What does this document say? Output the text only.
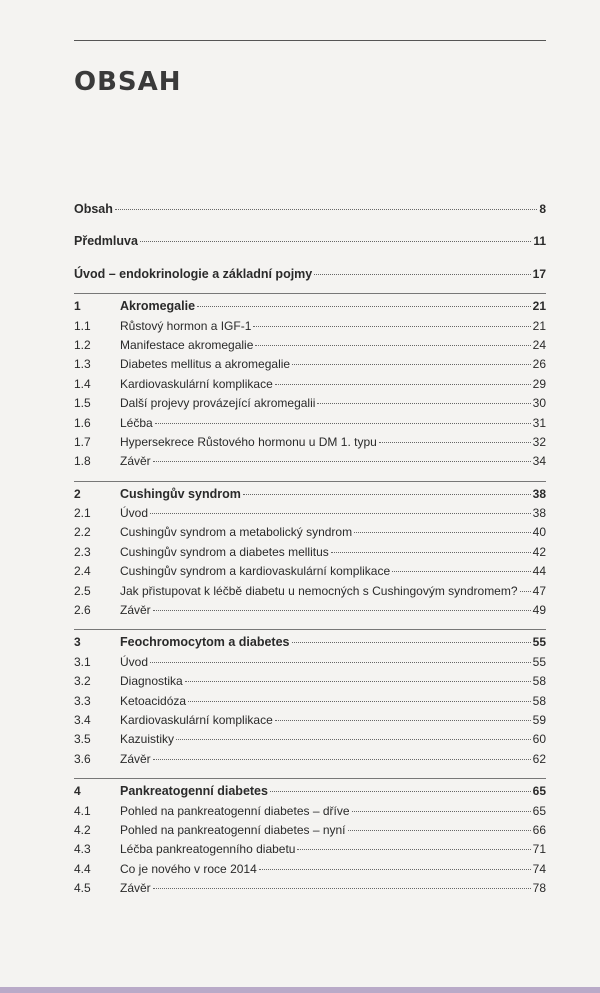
OBSAH
Obsah	8
Předmluva	11
Úvod – endokrinologie a základní pojmy	17
1	Akromegalie	21
1.1	Růstový hormon a IGF-1	21
1.2	Manifestace akromegalie	24
1.3	Diabetes mellitus a akromegalie	26
1.4	Kardiovaskulární komplikace	29
1.5	Další projevy provázející akromegalii	30
1.6	Léčba	31
1.7	Hypersekrece Růstového hormonu u DM 1. typu	32
1.8	Závěr	34
2	Cushingův syndrom	38
2.1	Úvod	38
2.2	Cushingův syndrom a metabolický syndrom	40
2.3	Cushingův syndrom a diabetes mellitus	42
2.4	Cushingův syndrom a kardiovaskulární komplikace	44
2.5	Jak přistupovat k léčbě diabetu u nemocných s Cushingovým syndromem? 47
2.6	Závěr	49
3	Feochromocytom a diabetes	55
3.1	Úvod	55
3.2	Diagnostika	58
3.3	Ketoacidóza	58
3.4	Kardiovaskulární komplikace	59
3.5	Kazuistiky	60
3.6	Závěr	62
4	Pankreatogenní diabetes	65
4.1	Pohled na pankreatogenní diabetes – dříve	65
4.2	Pohled na pankreatogenní diabetes – nyní	66
4.3	Léčba pankreatogenního diabetu	71
4.4	Co je nového v roce 2014	74
4.5	Závěr	78
